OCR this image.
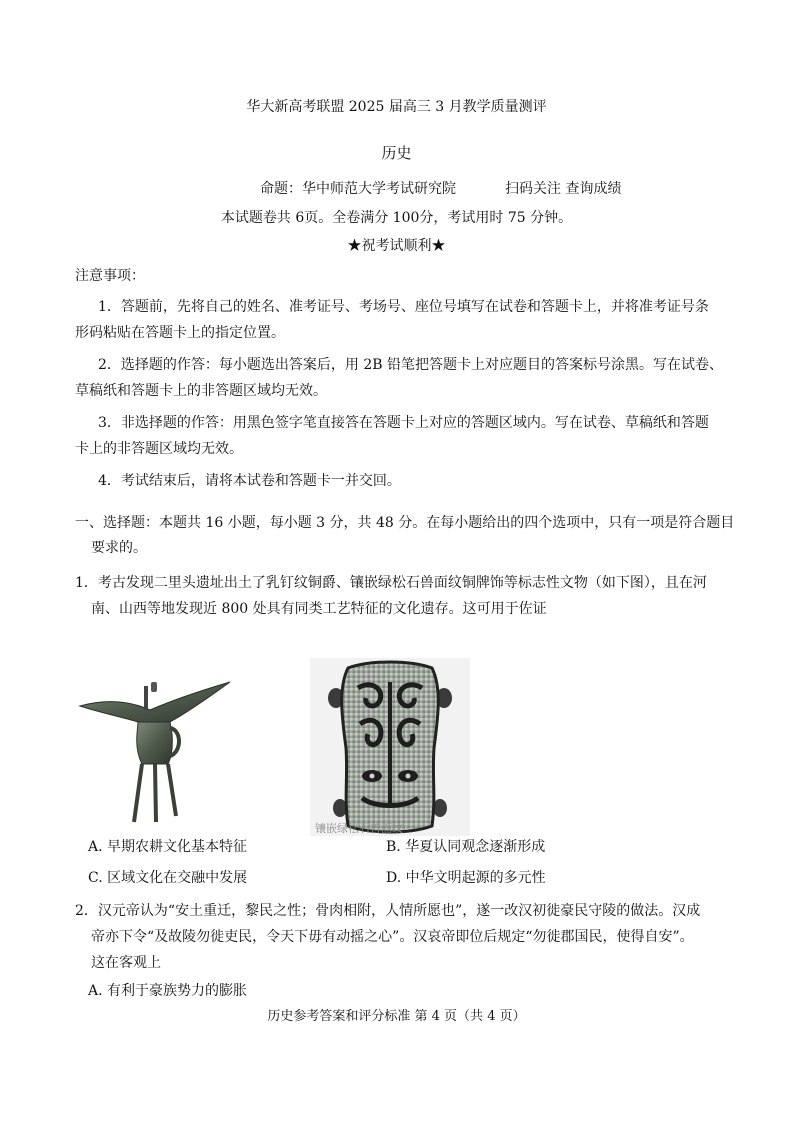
华大新高考联盟 2025 届高三 3 月教学质量测评
历史
命题：华中师范大学考试研究院	扫码关注 查询成绩
本试题卷共 6页。全卷满分 100分，考试用时 75 分钟。
★祝考试顺利★
注意事项：
1．答题前，先将自己的姓名、准考证号、考场号、座位号填写在试卷和答题卡上，并将准考证号条
形码粘贴在答题卡上的指定位置。
2．选择题的作答：每小题选出答案后，用 2B 铅笔把答题卡上对应题目的答案标号涂黑。写在试卷、
草稿纸和答题卡上的非答题区域均无效。
3．非选择题的作答：用黑色签字笔直接答在答题卡上对应的答题区域内。写在试卷、草稿纸和答题
卡上的非答题区域均无效。
4．考试结束后，请将本试卷和答题卡一并交回。
一、选择题：本题共 16 小题，每小题 3 分，共 48 分。在每小题给出的四个选项中，只有一项是符合题目
要求的。
1．考古发现二里头遗址出土了乳钉纹铜爵、镶嵌绿松石兽面纹铜牌饰等标志性文物（如下图），且在河
南、山西等地发现近 800 处具有同类工艺特征的文化遗存。这可用于佐证
镶嵌绿松石兽面纹
A. 早期农耕文化基本特征	B. 华夏认同观念逐渐形成
C. 区域文化在交融中发展	D. 中华文明起源的多元性
2．汉元帝认为“安土重迁，黎民之性；骨肉相附，人情所愿也”，遂一改汉初徙豪民守陵的做法。汉成
帝亦下令“及故陵勿徙吏民，令天下毋有动摇之心”。汉哀帝即位后规定“勿徙郡国民，使得自安”。
这在客观上
A. 有利于豪族势力的膨胀
历史参考答案和评分标准 第 4 页（共 4 页）
